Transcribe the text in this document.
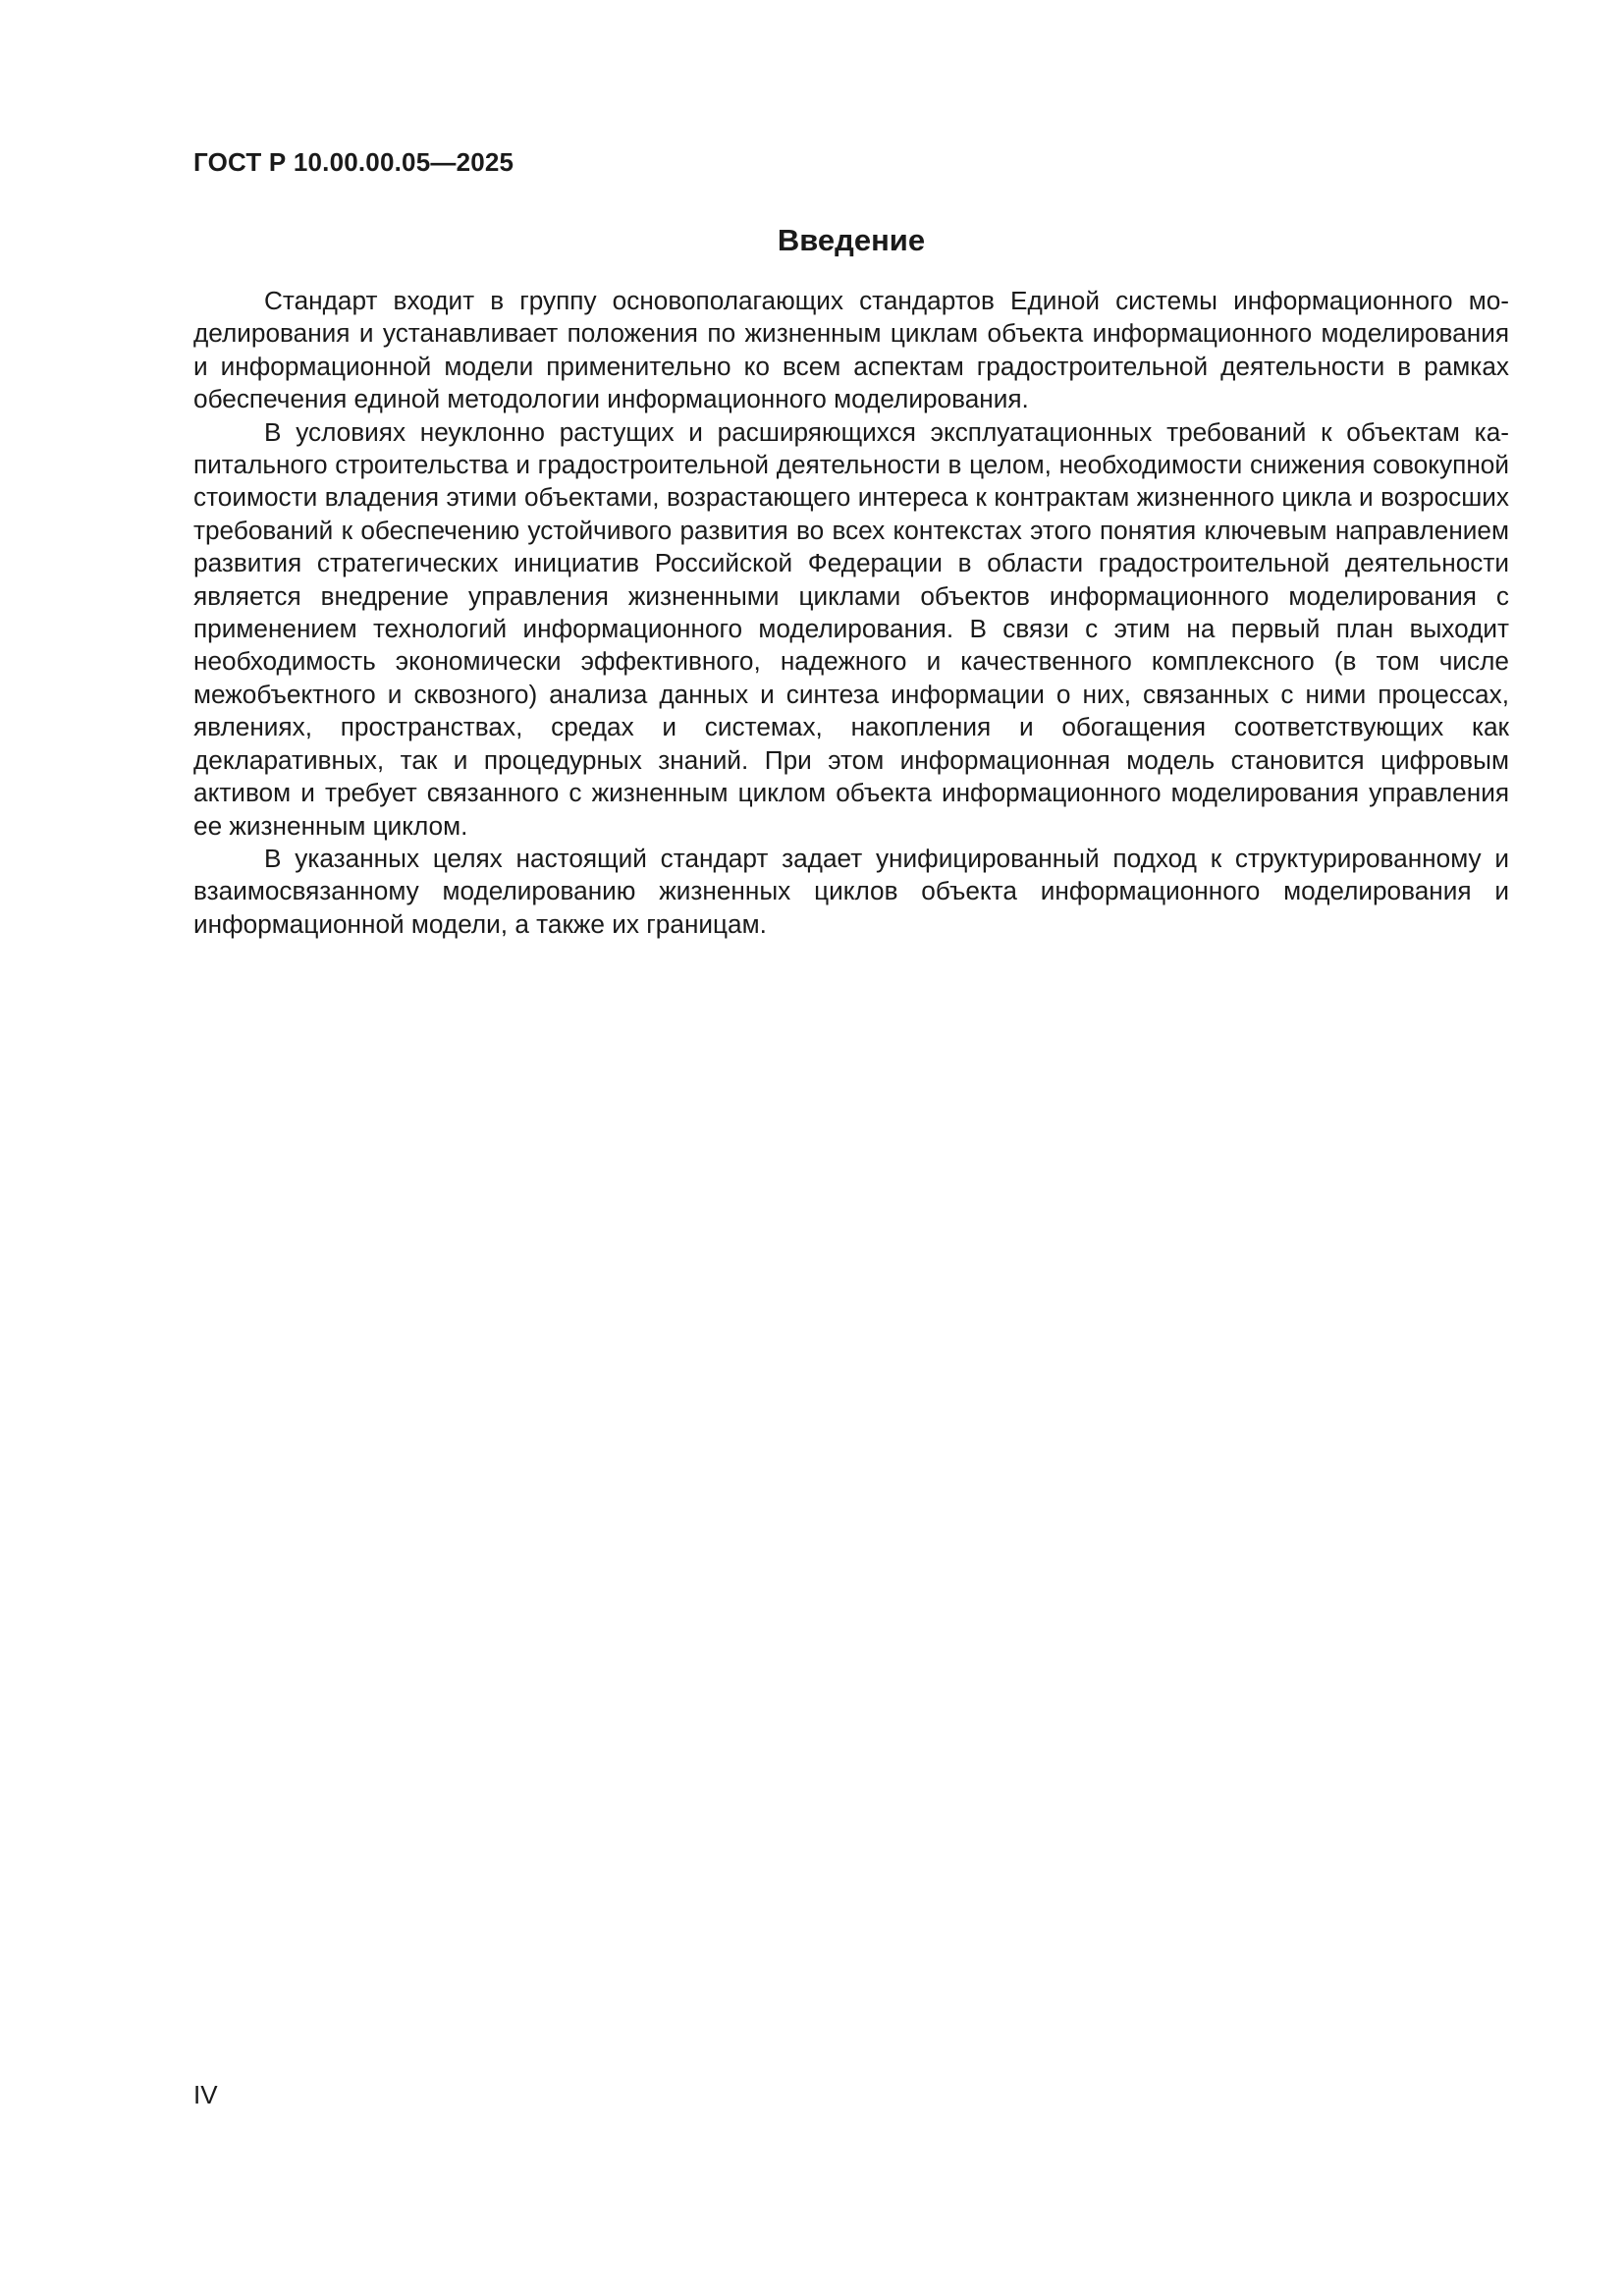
ГОСТ Р 10.00.00.05—2025
Введение

Стандарт входит в группу основополагающих стандартов Единой системы информационного моделирования и устанавливает положения по жизненным циклам объекта информационного моделирования и информационной модели применительно ко всем аспектам градостроительной деятельности в рамках обеспечения единой методологии информационного моделирования.

В условиях неуклонно растущих и расширяющихся эксплуатационных требований к объектам капитального строительства и градостроительной деятельности в целом, необходимости снижения совокупной стоимости владения этими объектами, возрастающего интереса к контрактам жизненного цикла и возросших требований к обеспечению устойчивого развития во всех контекстах этого понятия ключевым направлением развития стратегических инициатив Российской Федерации в области градостроительной деятельности является внедрение управления жизненными циклами объектов информационного моделирования с применением технологий информационного моделирования. В связи с этим на первый план выходит необходимость экономически эффективного, надежного и качественного комплексного (в том числе межобъектного и сквозного) анализа данных и синтеза информации о них, связанных с ними процессах, явлениях, пространствах, средах и системах, накопления и обогащения соответствующих как декларативных, так и процедурных знаний. При этом информационная модель становится цифровым активом и требует связанного с жизненным циклом объекта информационного моделирования управления ее жизненным циклом.

В указанных целях настоящий стандарт задает унифицированный подход к структурированному и взаимосвязанному моделированию жизненных циклов объекта информационного моделирования и информационной модели, а также их границам.

IV
